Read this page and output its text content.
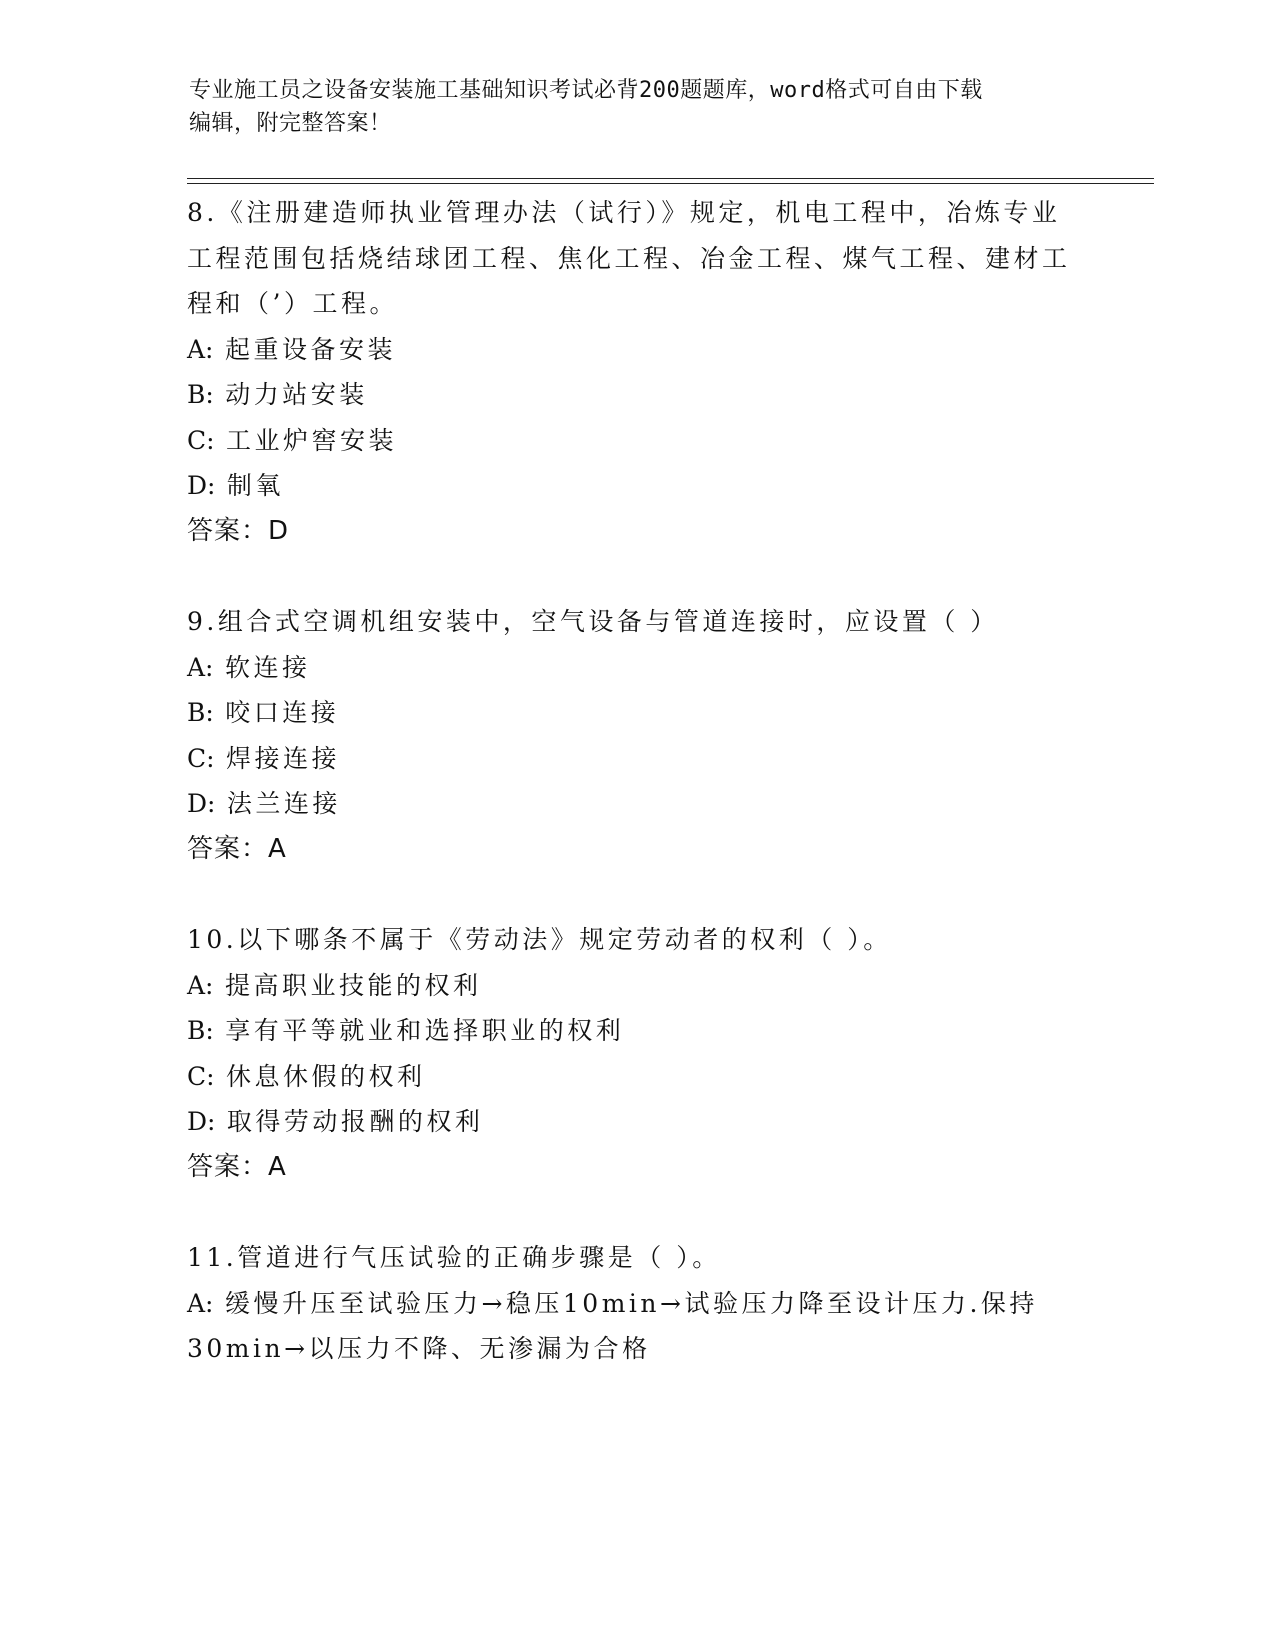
专业施工员之设备安装施工基础知识考试必背200题题库，word格式可自由下载
编辑，附完整答案！

8.《注册建造师执业管理办法（试行）》规定，机电工程中，冶炼专业工程范围包括烧结球团工程、焦化工程、冶金工程、煤气工程、建材工程和（’）工程。

A: 起重设备安装

B: 动力站安装

C: 工业炉窖安装

D: 制氧

答案：D

9.组合式空调机组安装中，空气设备与管道连接时，应设置（ ）

A: 软连接

B: 咬口连接

C: 焊接连接

D: 法兰连接

答案：A

10.以下哪条不属于《劳动法》规定劳动者的权利（ ）。

A: 提高职业技能的权利

B: 享有平等就业和选择职业的权利

C: 休息休假的权利

D: 取得劳动报酬的权利

答案：A

11.管道进行气压试验的正确步骤是（ ）。

A: 缓慢升压至试验压力→稳压10min→试验压力降至设计压力.保持30min→以压力不降、无渗漏为合格
